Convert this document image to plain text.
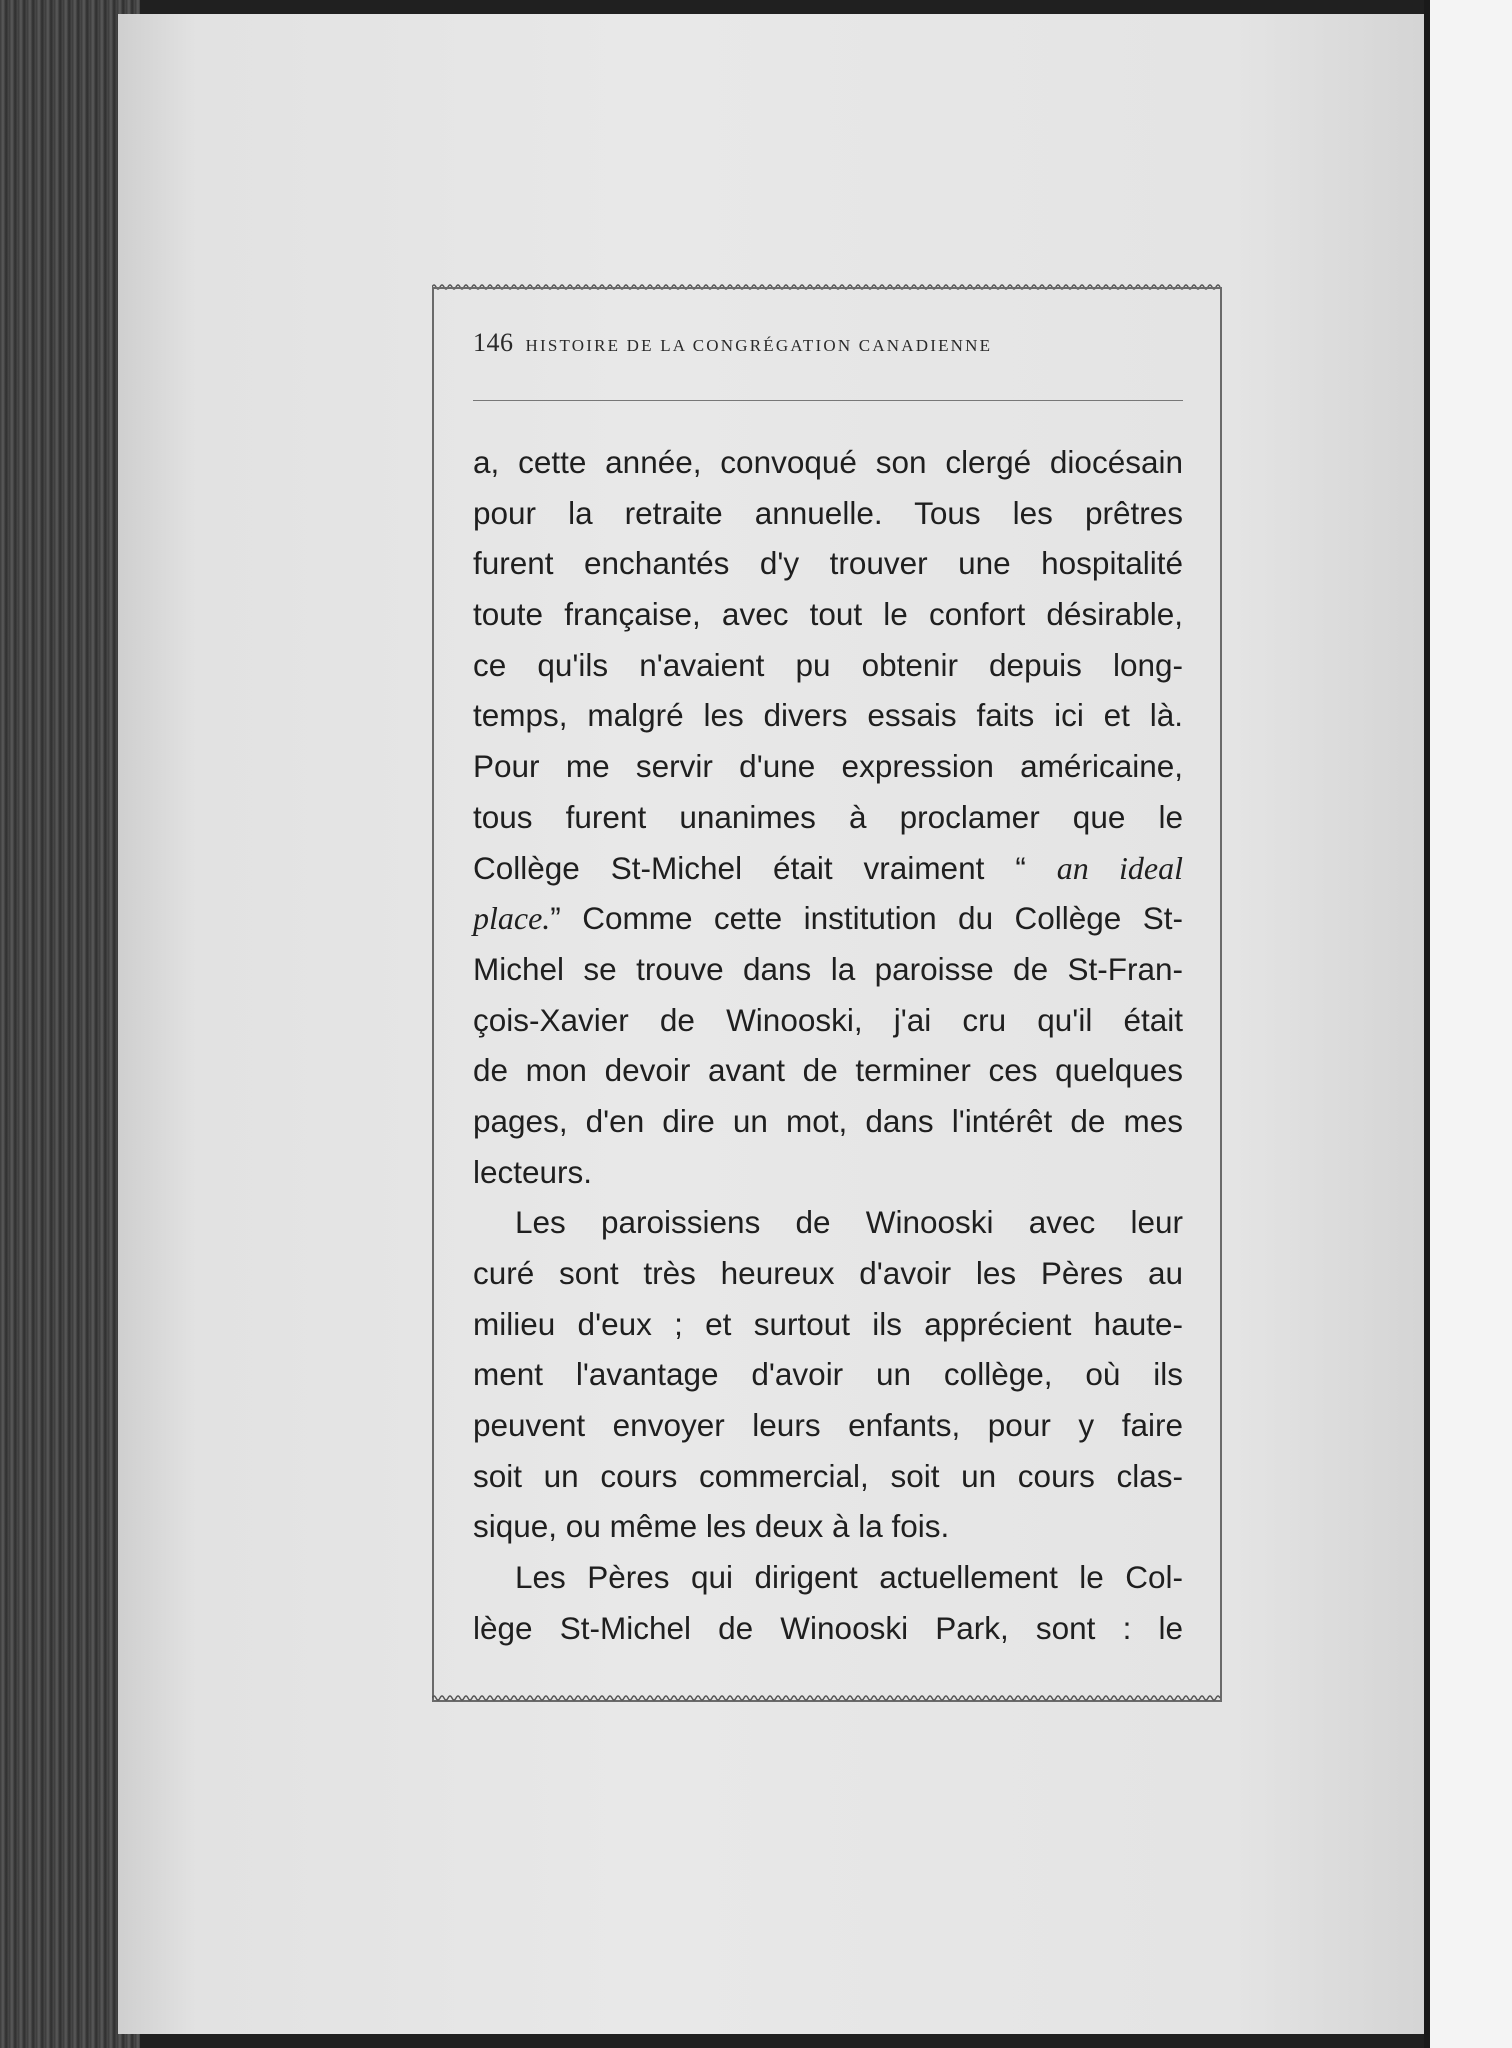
146 HISTOIRE DE LA CONGRÉGATION CANADIENNE
a, cette année, convoqué son clergé diocésain
pour la retraite annuelle. Tous les prêtres
furent enchantés d'y trouver une hospitalité
toute française, avec tout le confort désirable,
ce qu'ils n'avaient pu obtenir depuis long-
temps, malgré les divers essais faits ici et là.
Pour me servir d'une expression américaine,
tous furent unanimes à proclamer que le
Collège St-Michel était vraiment “ an ideal
place.” Comme cette institution du Collège St-
Michel se trouve dans la paroisse de St-Fran-
çois-Xavier de Winooski, j'ai cru qu'il était
de mon devoir avant de terminer ces quelques
pages, d'en dire un mot, dans l'intérêt de mes
lecteurs.
Les paroissiens de Winooski avec leur
curé sont très heureux d'avoir les Pères au
milieu d'eux ; et surtout ils apprécient haute-
ment l'avantage d'avoir un collège, où ils
peuvent envoyer leurs enfants, pour y faire
soit un cours commercial, soit un cours clas-
sique, ou même les deux à la fois.
Les Pères qui dirigent actuellement le Col-
lège St-Michel de Winooski Park, sont : le
